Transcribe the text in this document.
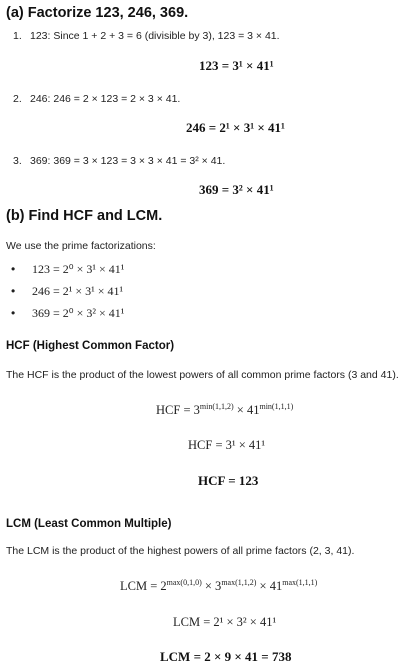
(a) Factorize 123, 246, 369.
1. 123: Since 1 + 2 + 3 = 6 (divisible by 3), 123 = 3 × 41.
123 = 3¹ × 41¹
2. 246: 246 = 2 × 123 = 2 × 3 × 41.
246 = 2¹ × 3¹ × 41¹
3. 369: 369 = 3 × 123 = 3 × 3 × 41 = 3² × 41.
369 = 3² × 41¹
(b) Find HCF and LCM.
We use the prime factorizations:
• 123 = 2⁰ × 3¹ × 41¹
• 246 = 2¹ × 3¹ × 41¹
• 369 = 2⁰ × 3² × 41¹
HCF (Highest Common Factor)
The HCF is the product of the lowest powers of all common prime factors (3 and 41).
HCF = $3^{min(1,1,2)} \times 41^{min(1,1,1)}$
HCF = 3¹ × 41¹
HCF = 123
LCM (Least Common Multiple)
The LCM is the product of the highest powers of all prime factors (2, 3, 41).
LCM = $2^{max(0,1,0)} \times 3^{max(1,1,2)} \times 41^{max(1,1,1)}$
LCM = 2¹ × 3² × 41¹
LCM = 2 × 9 × 41 = 738
